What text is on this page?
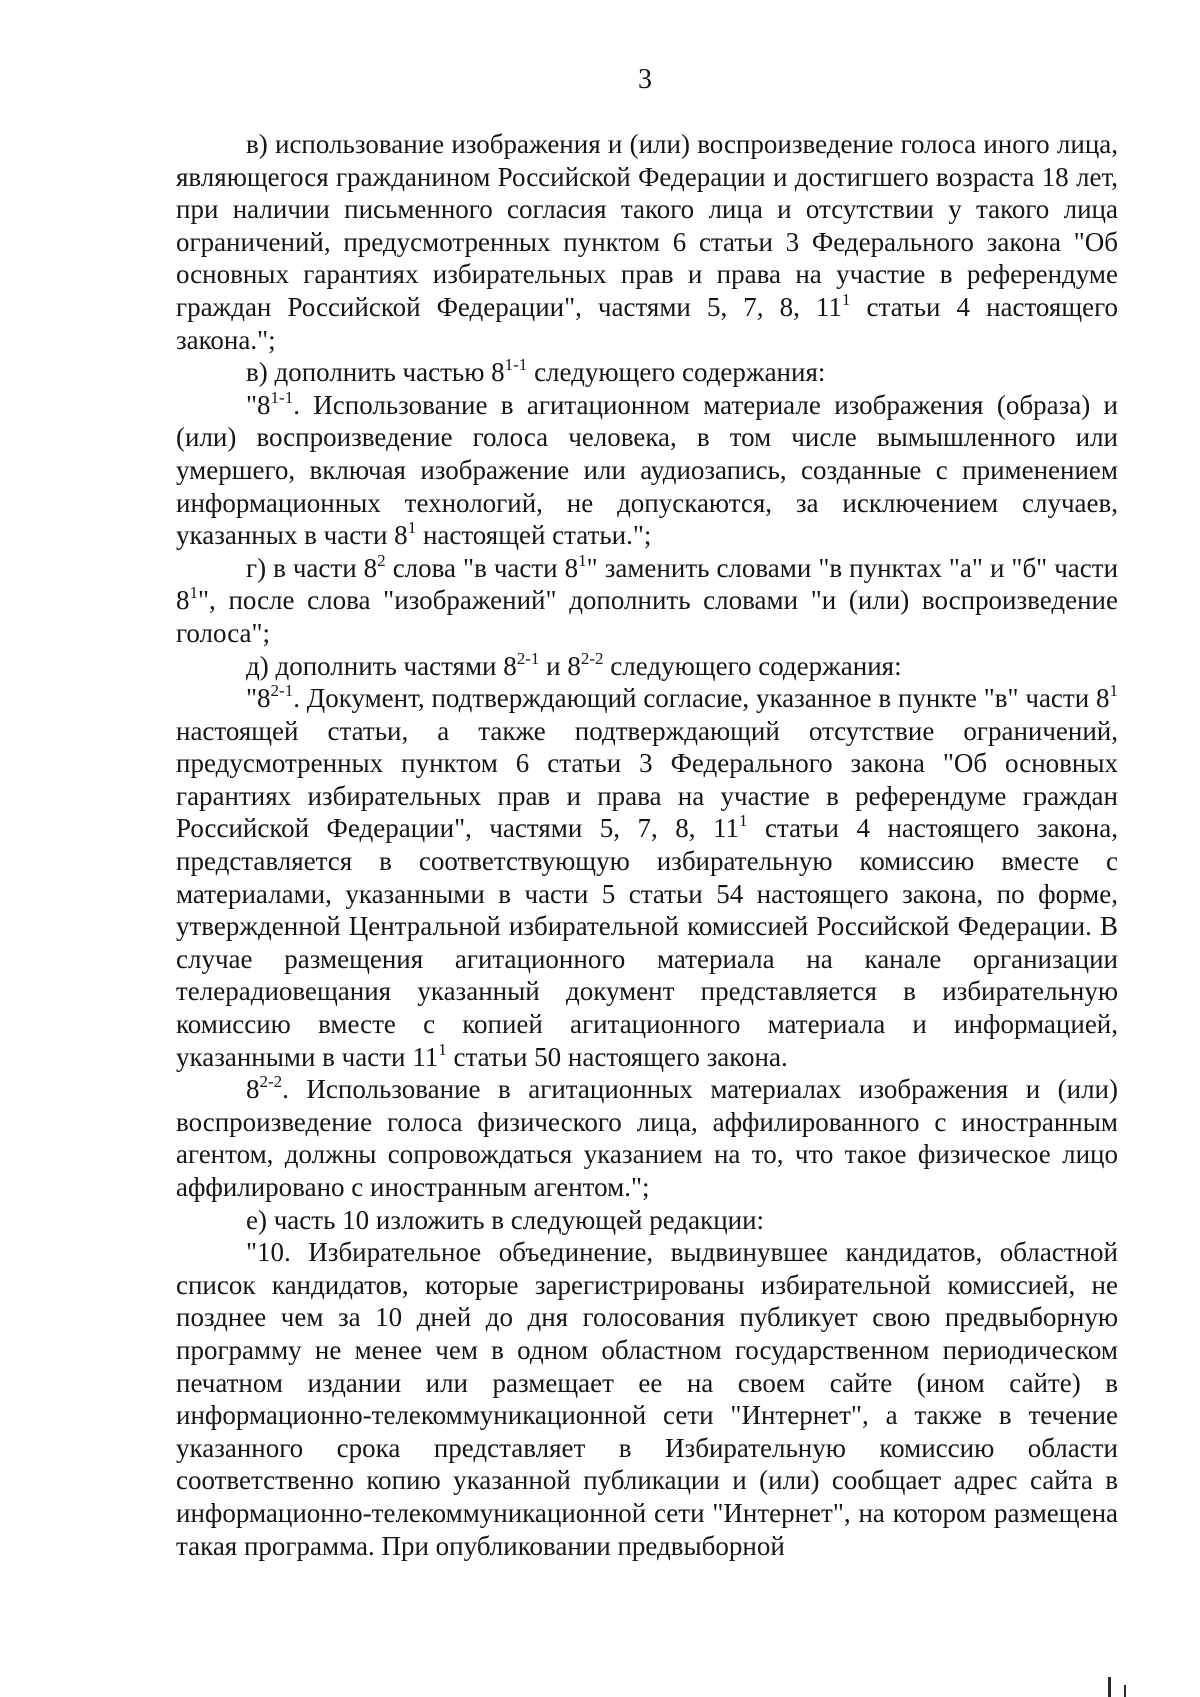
3

в) использование изображения и (или) воспроизведение голоса иного лица, являющегося гражданином Российской Федерации и достигшего возраста 18 лет, при наличии письменного согласия такого лица и отсутствии у такого лица ограничений, предусмотренных пунктом 6 статьи 3 Федерального закона "Об основных гарантиях избирательных прав и права на участие в референдуме граждан Российской Федерации", частями 5, 7, 8, $11^1$ статьи 4 настоящего закона.";

в) дополнить частью 8$^{1-1}$ следующего содержания:

"8$^{1-1}$. Использование в агитационном материале изображения (образа) и (или) воспроизведение голоса человека, в том числе вымышленного или умершего, включая изображение или аудиозапись, созданные с применением информационных технологий, не допускаются, за исключением случаев, указанных в части $8^1$ настоящей статьи.";

г) в части $8^2$ слова "в части $8^1$" заменить словами "в пунктах "а" и "б" части $8^1$", после слова "изображений" дополнить словами "и (или) воспроизведение голоса";

д) дополнить частями 8$^{2-1}$ и 8$^{2-2}$ следующего содержания:

"8$^{2-1}$. Документ, подтверждающий согласие, указанное в пункте "в" части $8^1$ настоящей статьи, а также подтверждающий отсутствие ограничений, предусмотренных пунктом 6 статьи 3 Федерального закона "Об основных гарантиях избирательных прав и права на участие в референдуме граждан Российской Федерации", частями 5, 7, 8, $11^1$ статьи 4 настоящего закона, представляется в соответствующую избирательную комиссию вместе с материалами, указанными в части 5 статьи 54 настоящего закона, по форме, утвержденной Центральной избирательной комиссией Российской Федерации. В случае размещения агитационного материала на канале организации телерадиовещания указанный документ представляется в избирательную комиссию вместе с копией агитационного материала и информацией, указанными в части $11^1$ статьи 50 настоящего закона.

8$^{2-2}$. Использование в агитационных материалах изображения и (или) воспроизведение голоса физического лица, аффилированного с иностранным агентом, должны сопровождаться указанием на то, что такое физическое лицо аффилировано с иностранным агентом.";

е) часть 10 изложить в следующей редакции:

"10. Избирательное объединение, выдвинувшее кандидатов, областной список кандидатов, которые зарегистрированы избирательной комиссией, не позднее чем за 10 дней до дня голосования публикует свою предвыборную программу не менее чем в одном областном государственном периодическом печатном издании или размещает ее на своем сайте (ином сайте) в информационно-телекоммуникационной сети "Интернет", а также в течение указанного срока представляет в Избирательную комиссию области соответственно копию указанной публикации и (или) сообщает адрес сайта в информационно-телекоммуникационной сети "Интернет", на котором размещена такая программа. При опубликовании предвыборной
